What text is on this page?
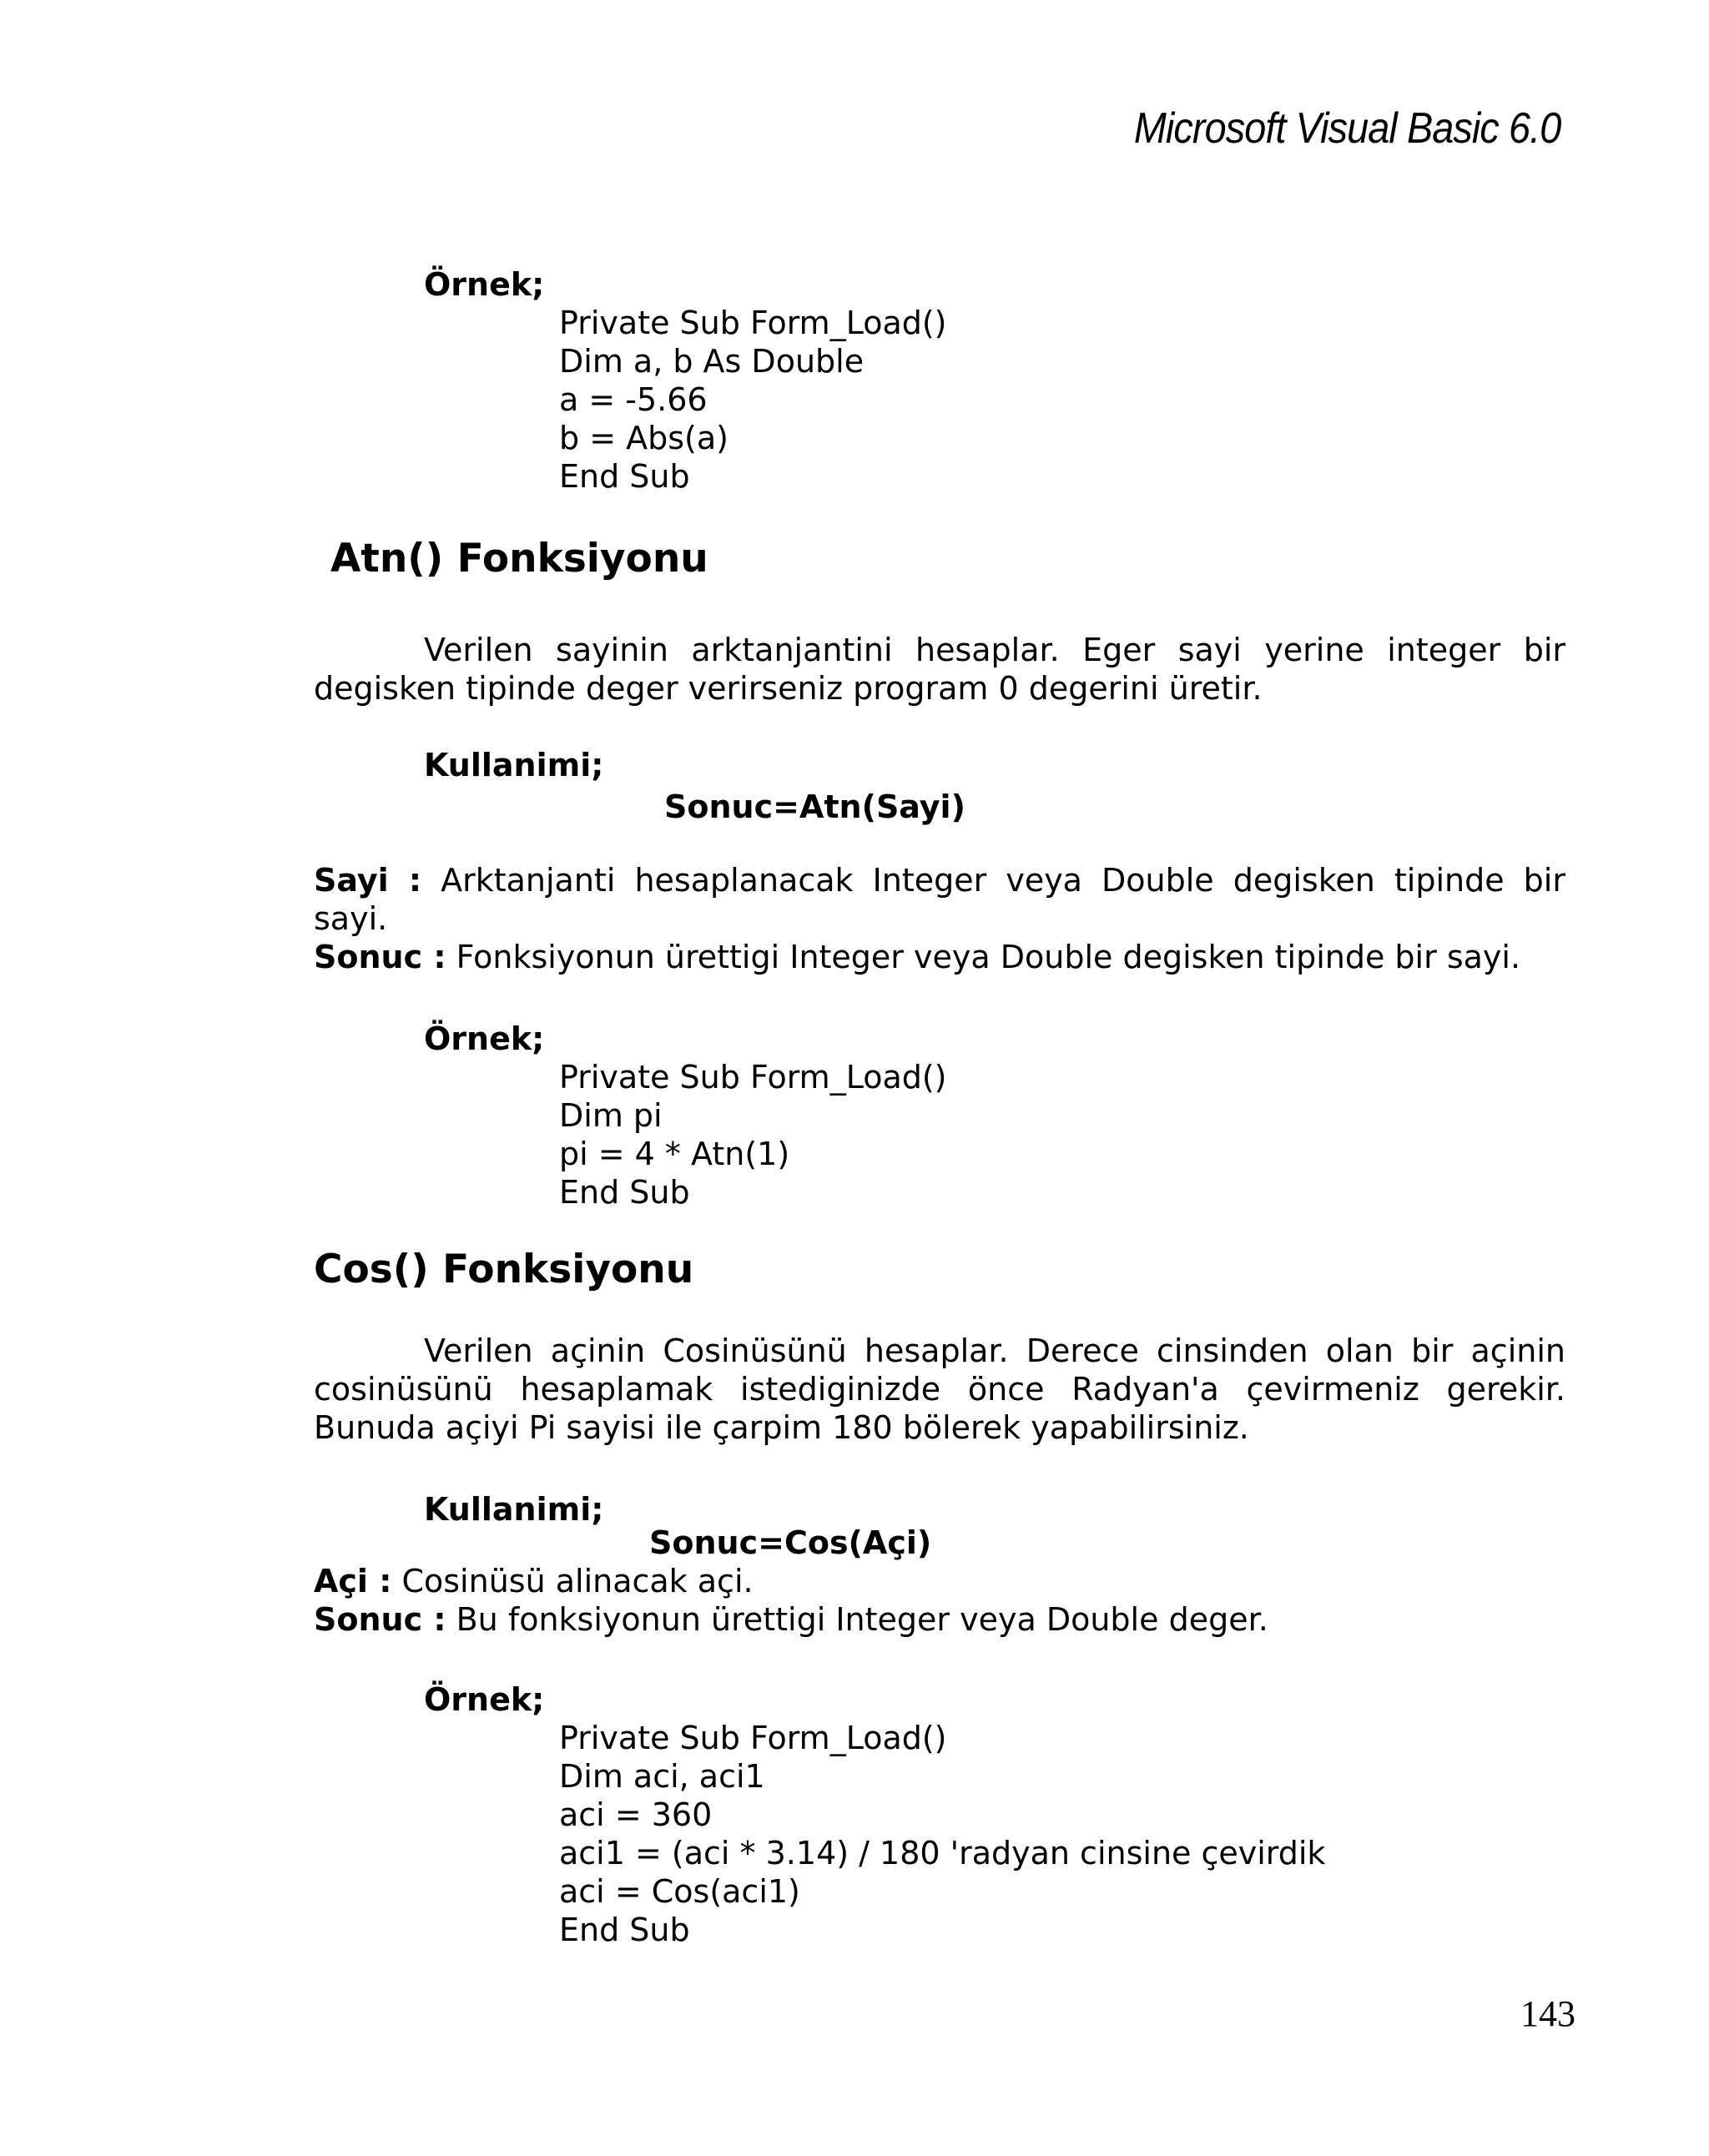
Microsoft Visual Basic 6.0
Örnek;
Private Sub Form_Load()
Dim a, b As Double
a = -5.66
b = Abs(a)
End Sub
Atn() Fonksiyonu
Verilen sayinin arktanjantini hesaplar. Eger sayi yerine integer bir degisken tipinde deger verirseniz program 0 degerini üretir.
Kullanimi;
Sonuc=Atn(Sayi)
Sayi : Arktanjanti hesaplanacak Integer veya Double degisken tipinde bir sayi.
Sonuc : Fonksiyonun ürettigi Integer veya Double degisken tipinde bir sayi.
Örnek;
Private Sub Form_Load()
Dim pi
pi = 4 * Atn(1)
End Sub
Cos() Fonksiyonu
Verilen açinin Cosinüsünü hesaplar. Derece cinsinden olan bir açinin cosinüsünü hesaplamak istediginizde önce Radyan'a çevirmeniz gerekir. Bunuda açiyi Pi sayisi ile çarpim 180 bölerek yapabilirsiniz.
Kullanimi;
Sonuc=Cos(Açi)
Açi : Cosinüsü alinacak açi.
Sonuc : Bu fonksiyonun ürettigi Integer veya Double deger.
Örnek;
Private Sub Form_Load()
Dim aci, aci1
aci = 360
aci1 = (aci * 3.14) / 180 'radyan cinsine çevirdik
aci = Cos(aci1)
End Sub
143
